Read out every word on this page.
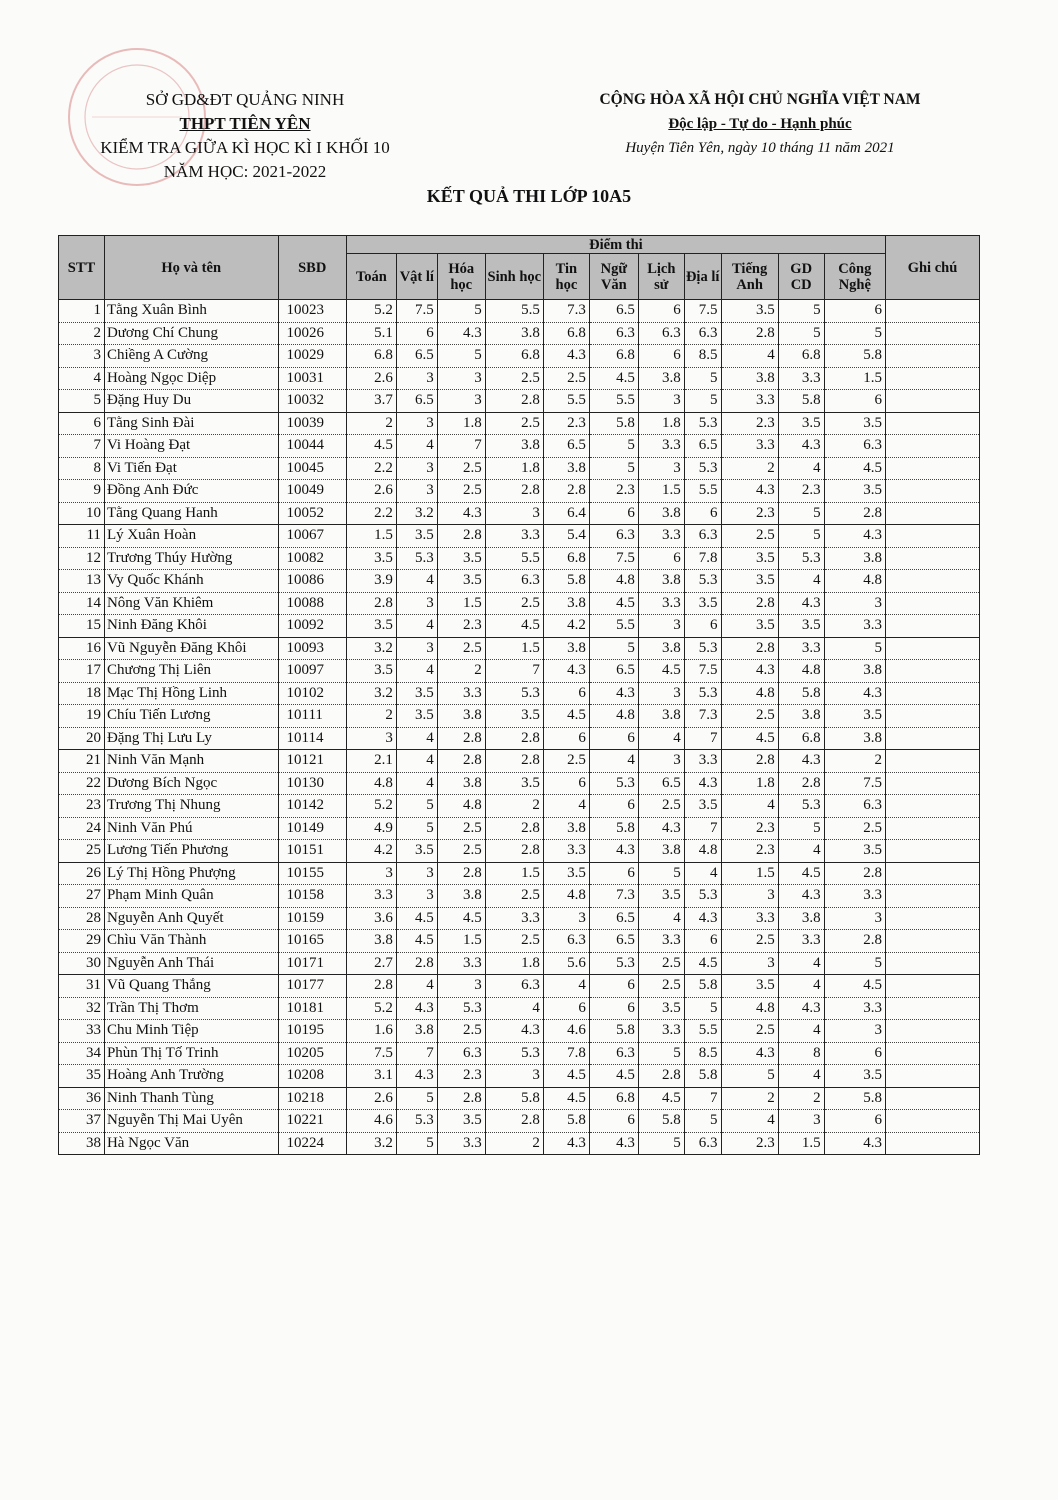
SỞ GD&ĐT QUẢNG NINH
THPT TIÊN YÊN
KIỂM TRA GIỮA KÌ HỌC KÌ I KHỐI 10
NĂM HỌC: 2021-2022
CỘNG HÒA XÃ HỘI CHỦ NGHĨA VIỆT NAM
Độc lập - Tự do - Hạnh phúc
Huyện Tiên Yên, ngày 10 tháng 11 năm 2021
KẾT QUẢ THI LỚP 10A5
STT	Họ và tên	SBD	Điểm thi											Ghi chú
			Toán	Vật lí	Hóa học	Sinh học	Tin học	Ngữ Văn	Lịch sử	Địa lí	Tiếng Anh	GD CD	Công Nghệ	
1	Tằng Xuân Bình	10023	5.2	7.5	5	5.5	7.3	6.5	6	7.5	3.5	5	6	
2	Dương Chí Chung	10026	5.1	6	4.3	3.8	6.8	6.3	6.3	6.3	2.8	5	5	
3	Chiềng A Cường	10029	6.8	6.5	5	6.8	4.3	6.8	6	8.5	4	6.8	5.8	
4	Hoàng Ngọc Diệp	10031	2.6	3	3	2.5	2.5	4.5	3.8	5	3.8	3.3	1.5	
5	Đặng Huy Du	10032	3.7	6.5	3	2.8	5.5	5.5	3	5	3.3	5.8	6	
6	Tằng Sinh Đài	10039	2	3	1.8	2.5	2.3	5.8	1.8	5.3	2.3	3.5	3.5	
7	Vi Hoàng Đạt	10044	4.5	4	7	3.8	6.5	5	3.3	6.5	3.3	4.3	6.3	
8	Vi Tiến Đạt	10045	2.2	3	2.5	1.8	3.8	5	3	5.3	2	4	4.5	
9	Đồng Anh Đức	10049	2.6	3	2.5	2.8	2.8	2.3	1.5	5.5	4.3	2.3	3.5	
10	Tằng Quang Hanh	10052	2.2	3.2	4.3	3	6.4	6	3.8	6	2.3	5	2.8	
11	Lý Xuân Hoàn	10067	1.5	3.5	2.8	3.3	5.4	6.3	3.3	6.3	2.5	5	4.3	
12	Trương Thúy Hường	10082	3.5	5.3	3.5	5.5	6.8	7.5	6	7.8	3.5	5.3	3.8	
13	Vy Quốc Khánh	10086	3.9	4	3.5	6.3	5.8	4.8	3.8	5.3	3.5	4	4.8	
14	Nông Văn Khiêm	10088	2.8	3	1.5	2.5	3.8	4.5	3.3	3.5	2.8	4.3	3	
15	Ninh Đăng Khôi	10092	3.5	4	2.3	4.5	4.2	5.5	3	6	3.5	3.5	3.3	
16	Vũ Nguyễn Đăng Khôi	10093	3.2	3	2.5	1.5	3.8	5	3.8	5.3	2.8	3.3	5	
17	Chương Thị Liên	10097	3.5	4	2	7	4.3	6.5	4.5	7.5	4.3	4.8	3.8	
18	Mạc Thị Hồng Linh	10102	3.2	3.5	3.3	5.3	6	4.3	3	5.3	4.8	5.8	4.3	
19	Chíu Tiến Lương	10111	2	3.5	3.8	3.5	4.5	4.8	3.8	7.3	2.5	3.8	3.5	
20	Đặng Thị Lưu Ly	10114	3	4	2.8	2.8	6	6	4	7	4.5	6.8	3.8	
21	Ninh Văn Mạnh	10121	2.1	4	2.8	2.8	2.5	4	3	3.3	2.8	4.3	2	
22	Dương Bích Ngọc	10130	4.8	4	3.8	3.5	6	5.3	6.5	4.3	1.8	2.8	7.5	
23	Trương Thị Nhung	10142	5.2	5	4.8	2	4	6	2.5	3.5	4	5.3	6.3	
24	Ninh Văn Phú	10149	4.9	5	2.5	2.8	3.8	5.8	4.3	7	2.3	5	2.5	
25	Lương Tiến Phương	10151	4.2	3.5	2.5	2.8	3.3	4.3	3.8	4.8	2.3	4	3.5	
26	Lý Thị Hồng Phượng	10155	3	3	2.8	1.5	3.5	6	5	4	1.5	4.5	2.8	
27	Phạm Minh Quân	10158	3.3	3	3.8	2.5	4.8	7.3	3.5	5.3	3	4.3	3.3	
28	Nguyễn Anh Quyết	10159	3.6	4.5	4.5	3.3	3	6.5	4	4.3	3.3	3.8	3	
29	Chìu Văn Thành	10165	3.8	4.5	1.5	2.5	6.3	6.5	3.3	6	2.5	3.3	2.8	
30	Nguyễn Anh Thái	10171	2.7	2.8	3.3	1.8	5.6	5.3	2.5	4.5	3	4	5	
31	Vũ Quang Thắng	10177	2.8	4	3	6.3	4	6	2.5	5.8	3.5	4	4.5	
32	Trần Thị Thơm	10181	5.2	4.3	5.3	4	6	6	3.5	5	4.8	4.3	3.3	
33	Chu Minh Tiệp	10195	1.6	3.8	2.5	4.3	4.6	5.8	3.3	5.5	2.5	4	3	
34	Phùn Thị Tố Trinh	10205	7.5	7	6.3	5.3	7.8	6.3	5	8.5	4.3	8	6	
35	Hoàng Anh Trường	10208	3.1	4.3	2.3	3	4.5	4.5	2.8	5.8	5	4	3.5	
36	Ninh Thanh Tùng	10218	2.6	5	2.8	5.8	4.5	6.8	4.5	7	2	2	5.8	
37	Nguyễn Thị Mai Uyên	10221	4.6	5.3	3.5	2.8	5.8	6	5.8	5	4	3	6	
38	Hà Ngọc Văn	10224	3.2	5	3.3	2	4.3	4.3	5	6.3	2.3	1.5	4.3	
